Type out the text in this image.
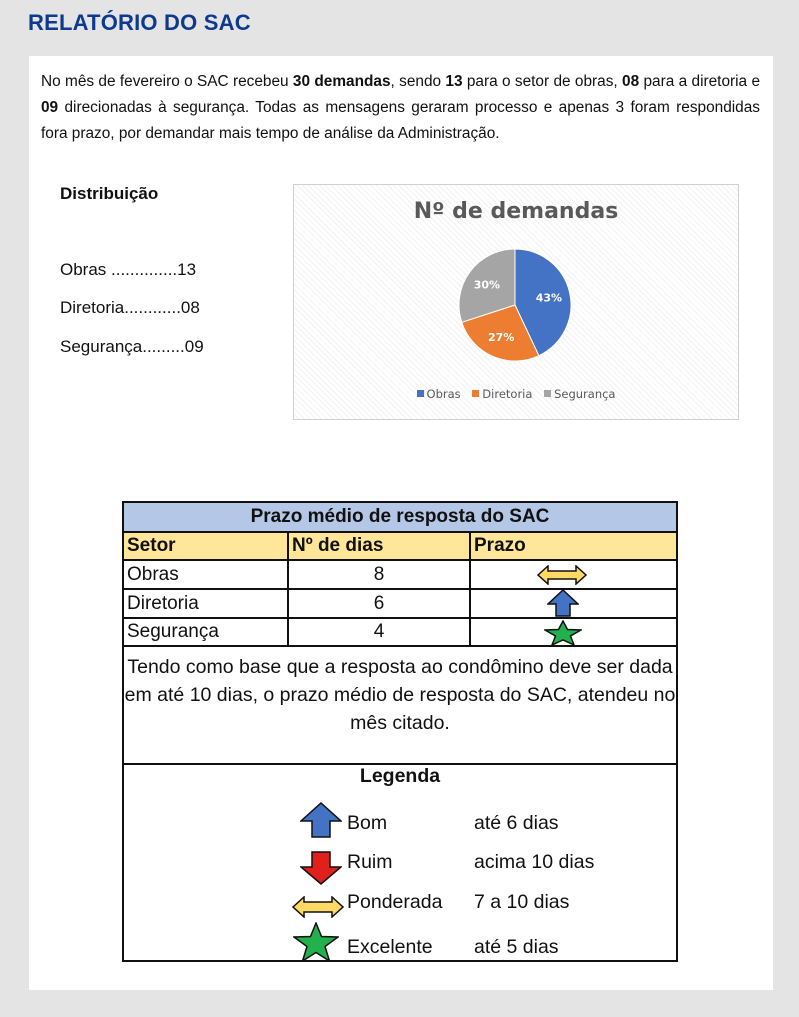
RELATÓRIO DO SAC
No mês de fevereiro o SAC recebeu 30 demandas, sendo 13 para o setor de obras, 08 para a diretoria e 09 direcionadas à segurança. Todas as mensagens geraram processo e apenas 3 foram respondidas fora prazo, por demandar mais tempo de análise da Administração.
Distribuição
Obras ..............13
Diretoria............08
Segurança.........09
Nº de demandas
43%
27%
30%
Obras Diretoria Segurança
Prazo médio de resposta do SAC
Setor	Nº de dias	Prazo
Obras	8
Diretoria	6
Segurança	4
Tendo como base que a resposta ao condômino deve ser dada em até 10 dias, o prazo médio de resposta do SAC, atendeu no mês citado.
Legenda
Bom	até 6 dias
Ruim	acima 10 dias
Ponderada 7 a 10 dias
Excelente até 5 dias
